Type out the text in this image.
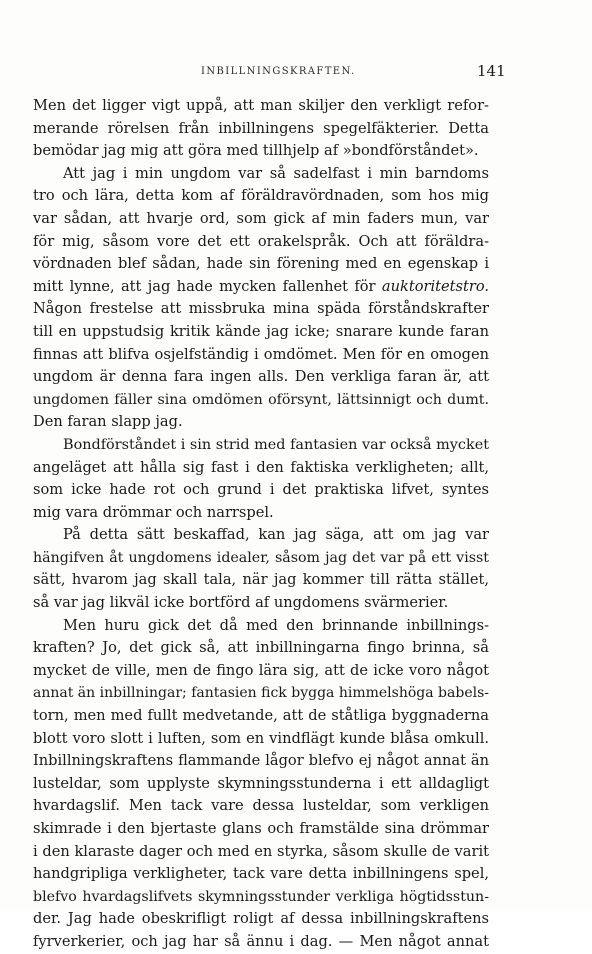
INBILLNINGSKRAFTEN.	141
Men det ligger vigt uppå, att man skiljer den verkligt refor-
merande rörelsen från inbillningens spegelfäkterier. Detta
bemödar jag mig att göra med tillhjelp af »bondförståndet».
Att jag i min ungdom var så sadelfast i min barndoms
tro och lära, detta kom af föräldravördnaden, som hos mig
var sådan, att hvarje ord, som gick af min faders mun, var
för mig, såsom vore det ett orakelspråk. Och att föräldra-
vördnaden blef sådan, hade sin förening med en egenskap i
mitt lynne, att jag hade mycken fallenhet för auktoritetstro.
Någon frestelse att missbruka mina späda förståndskrafter
till en uppstudsig kritik kände jag icke; snarare kunde faran
finnas att blifva osjelfständig i omdömet. Men för en omogen
ungdom är denna fara ingen alls. Den verkliga faran är, att
ungdomen fäller sina omdömen oförsynt, lättsinnigt och dumt.
Den faran slapp jag.
Bondförståndet i sin strid med fantasien var också mycket
angeläget att hålla sig fast i den faktiska verkligheten; allt,
som icke hade rot och grund i det praktiska lifvet, syntes
mig vara drömmar och narrspel.
På detta sätt beskaffad, kan jag säga, att om jag var
hängifven åt ungdomens idealer, såsom jag det var på ett visst
sätt, hvarom jag skall tala, när jag kommer till rätta stället,
så var jag likväl icke bortförd af ungdomens svärmerier.
Men huru gick det då med den brinnande inbillnings-
kraften? Jo, det gick så, att inbillningarna fingo brinna, så
mycket de ville, men de fingo lära sig, att de icke voro något
annat än inbillningar; fantasien fick bygga himmelshöga babels-
torn, men med fullt medvetande, att de ståtliga byggnaderna
blott voro slott i luften, som en vindflägt kunde blåsa omkull.
Inbillningskraftens flammande lågor blefvo ej något annat än
lusteldar, som upplyste skymningsstunderna i ett alldagligt
hvardagslif. Men tack vare dessa lusteldar, som verkligen
skimrade i den bjertaste glans och framstälde sina drömmar
i den klaraste dager och med en styrka, såsom skulle de varit
handgripliga verkligheter, tack vare detta inbillningens spel,
blefvo hvardagslifvets skymningsstunder verkliga högtidsstun-
der. Jag hade obeskrifligt roligt af dessa inbillningskraftens
fyrverkerier, och jag har så ännu i dag. — Men något annat
